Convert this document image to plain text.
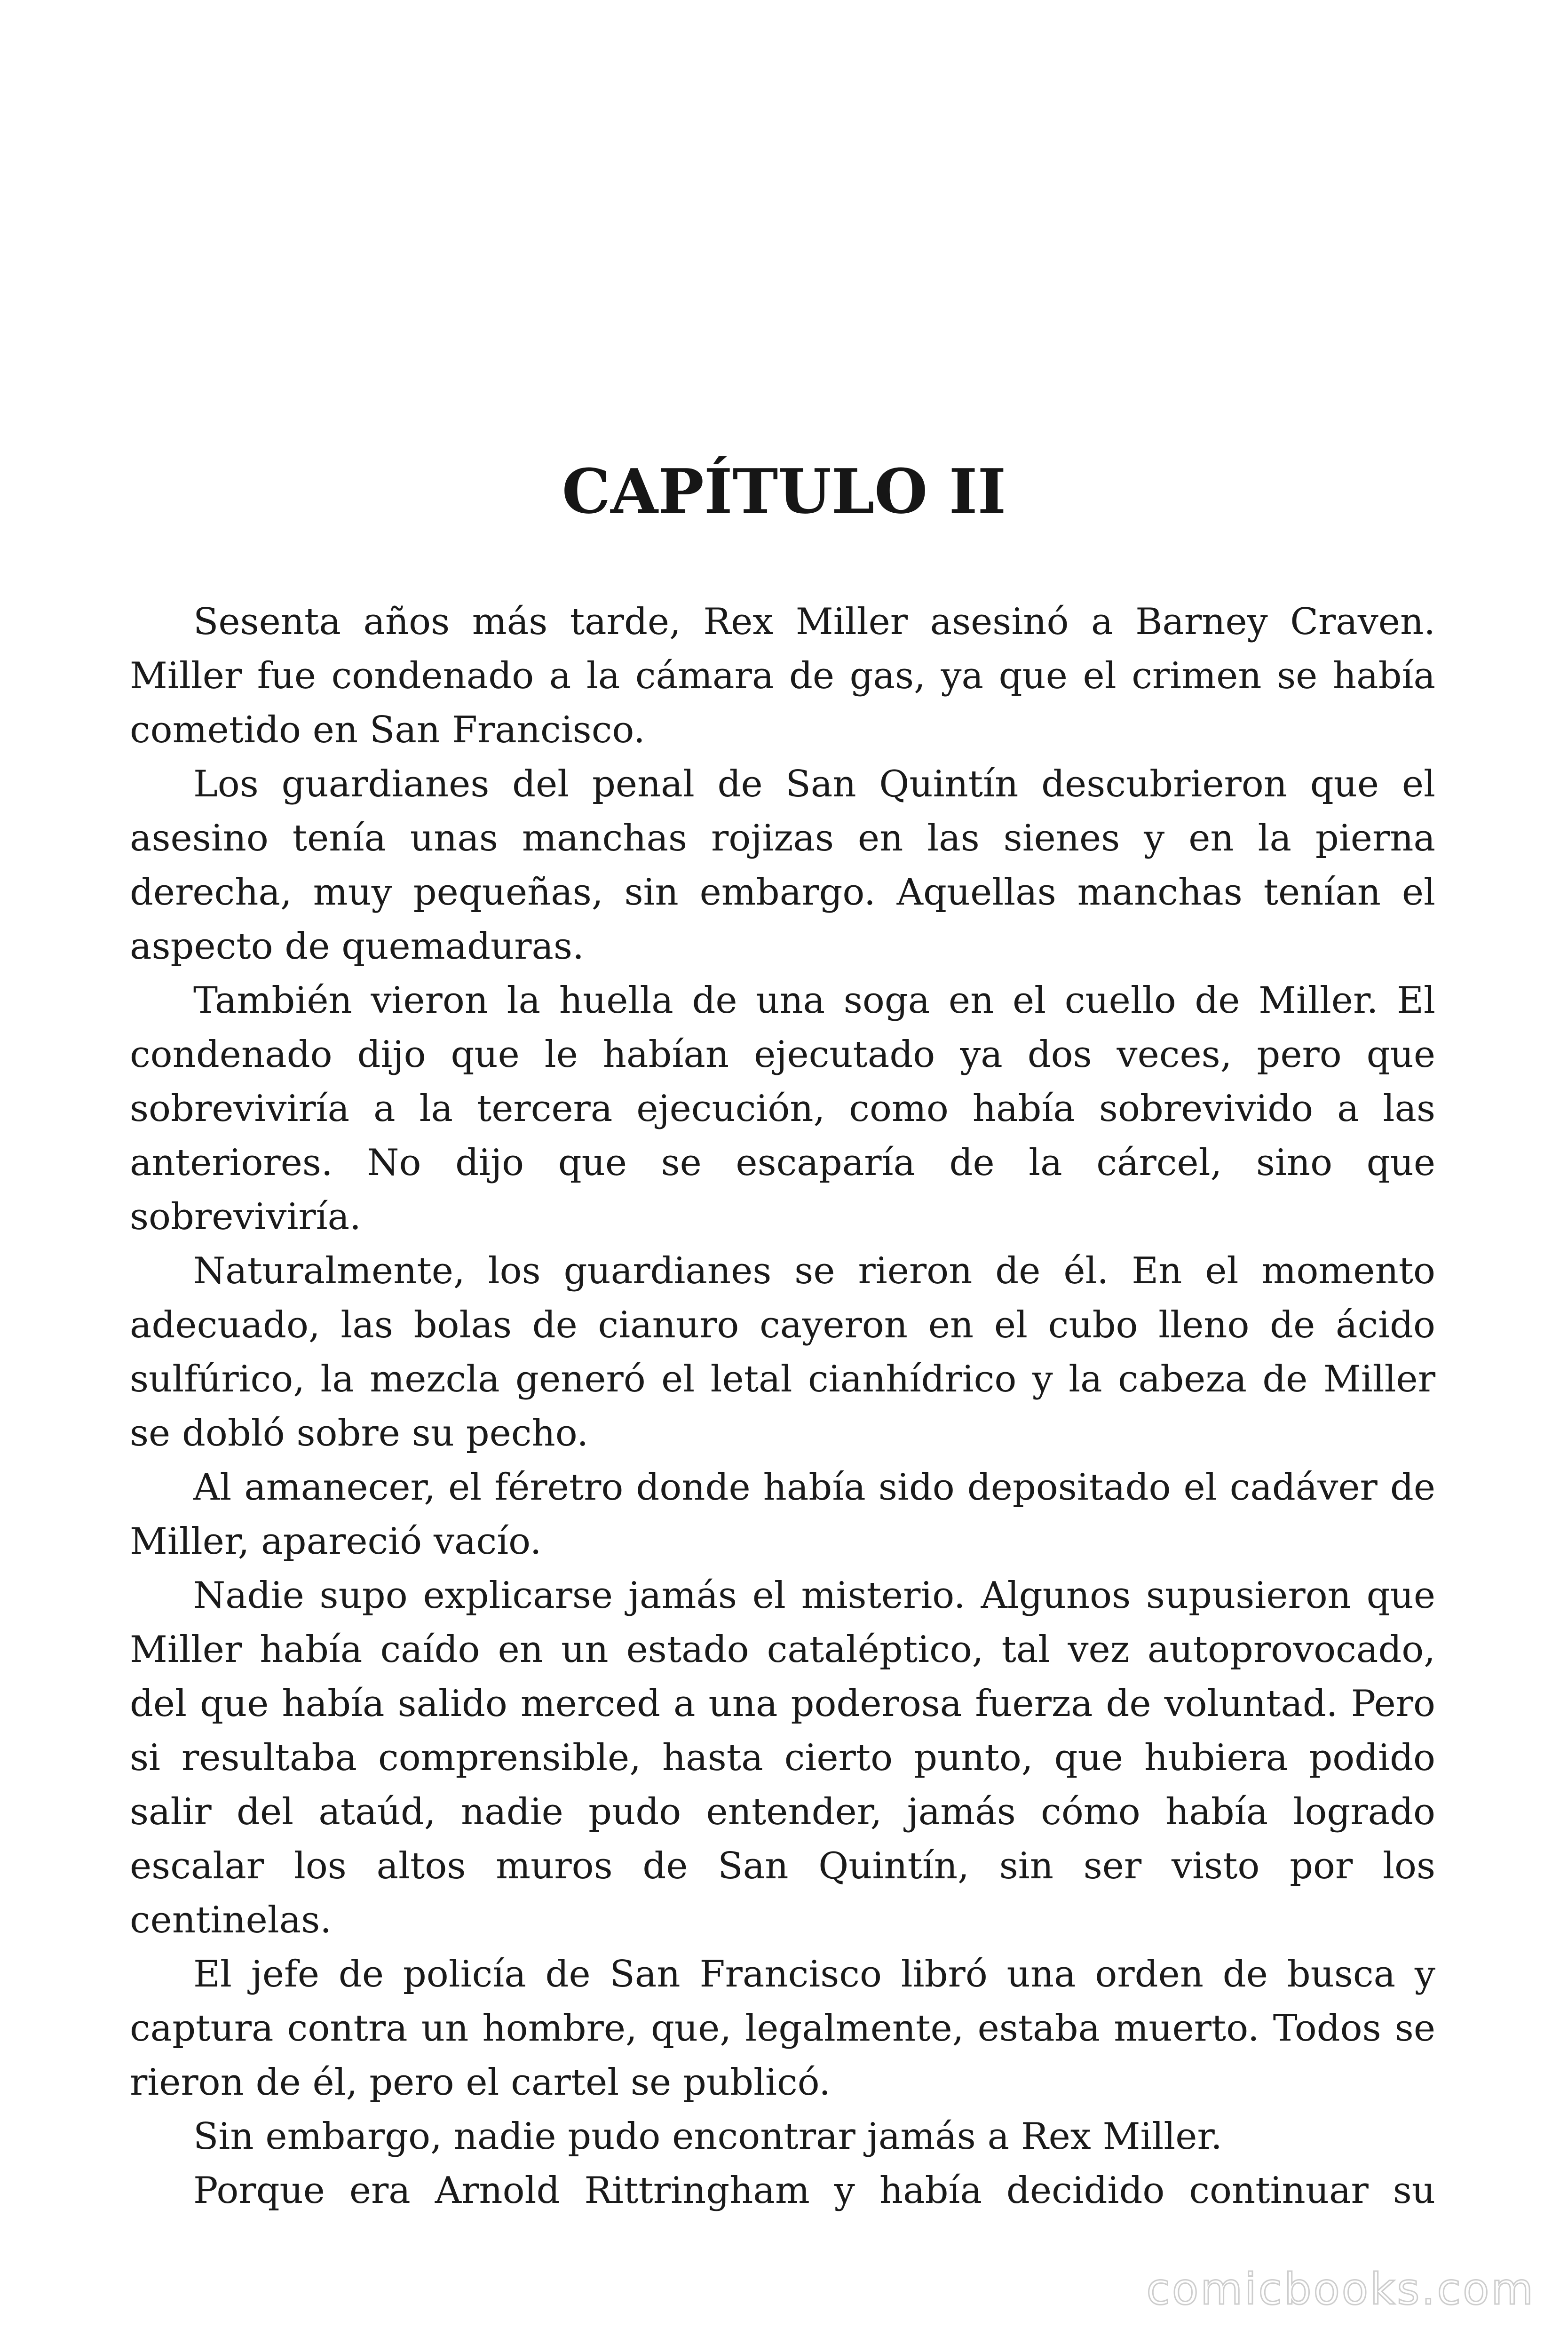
CAPÍTULO II

Sesenta años más tarde, Rex Miller asesinó a Barney Craven. Miller fue condenado a la cámara de gas, ya que el crimen se había cometido en San Francisco.

Los guardianes del penal de San Quintín descubrieron que el asesino tenía unas manchas rojizas en las sienes y en la pierna derecha, muy pequeñas, sin embargo. Aquellas manchas tenían el aspecto de quemaduras.

También vieron la huella de una soga en el cuello de Miller. El condenado dijo que le habían ejecutado ya dos veces, pero que sobreviviría a la tercera ejecución, como había sobrevivido a las anteriores. No dijo que se escaparía de la cárcel, sino que sobreviviría.

Naturalmente, los guardianes se rieron de él. En el momento adecuado, las bolas de cianuro cayeron en el cubo lleno de ácido sulfúrico, la mezcla generó el letal cianhídrico y la cabeza de Miller se dobló sobre su pecho.

Al amanecer, el féretro donde había sido depositado el cadáver de Miller, apareció vacío.

Nadie supo explicarse jamás el misterio. Algunos supusieron que Miller había caído en un estado cataléptico, tal vez autoprovocado, del que había salido merced a una poderosa fuerza de voluntad. Pero si resultaba comprensible, hasta cierto punto, que hubiera podido salir del ataúd, nadie pudo entender, jamás cómo había logrado escalar los altos muros de San Quintín, sin ser visto por los centinelas.

El jefe de policía de San Francisco libró una orden de busca y captura contra un hombre, que, legalmente, estaba muerto. Todos se rieron de él, pero el cartel se publicó.

Sin embargo, nadie pudo encontrar jamás a Rex Miller.

Porque era Arnold Rittringham y había decidido continuar su

comicbooks.com
